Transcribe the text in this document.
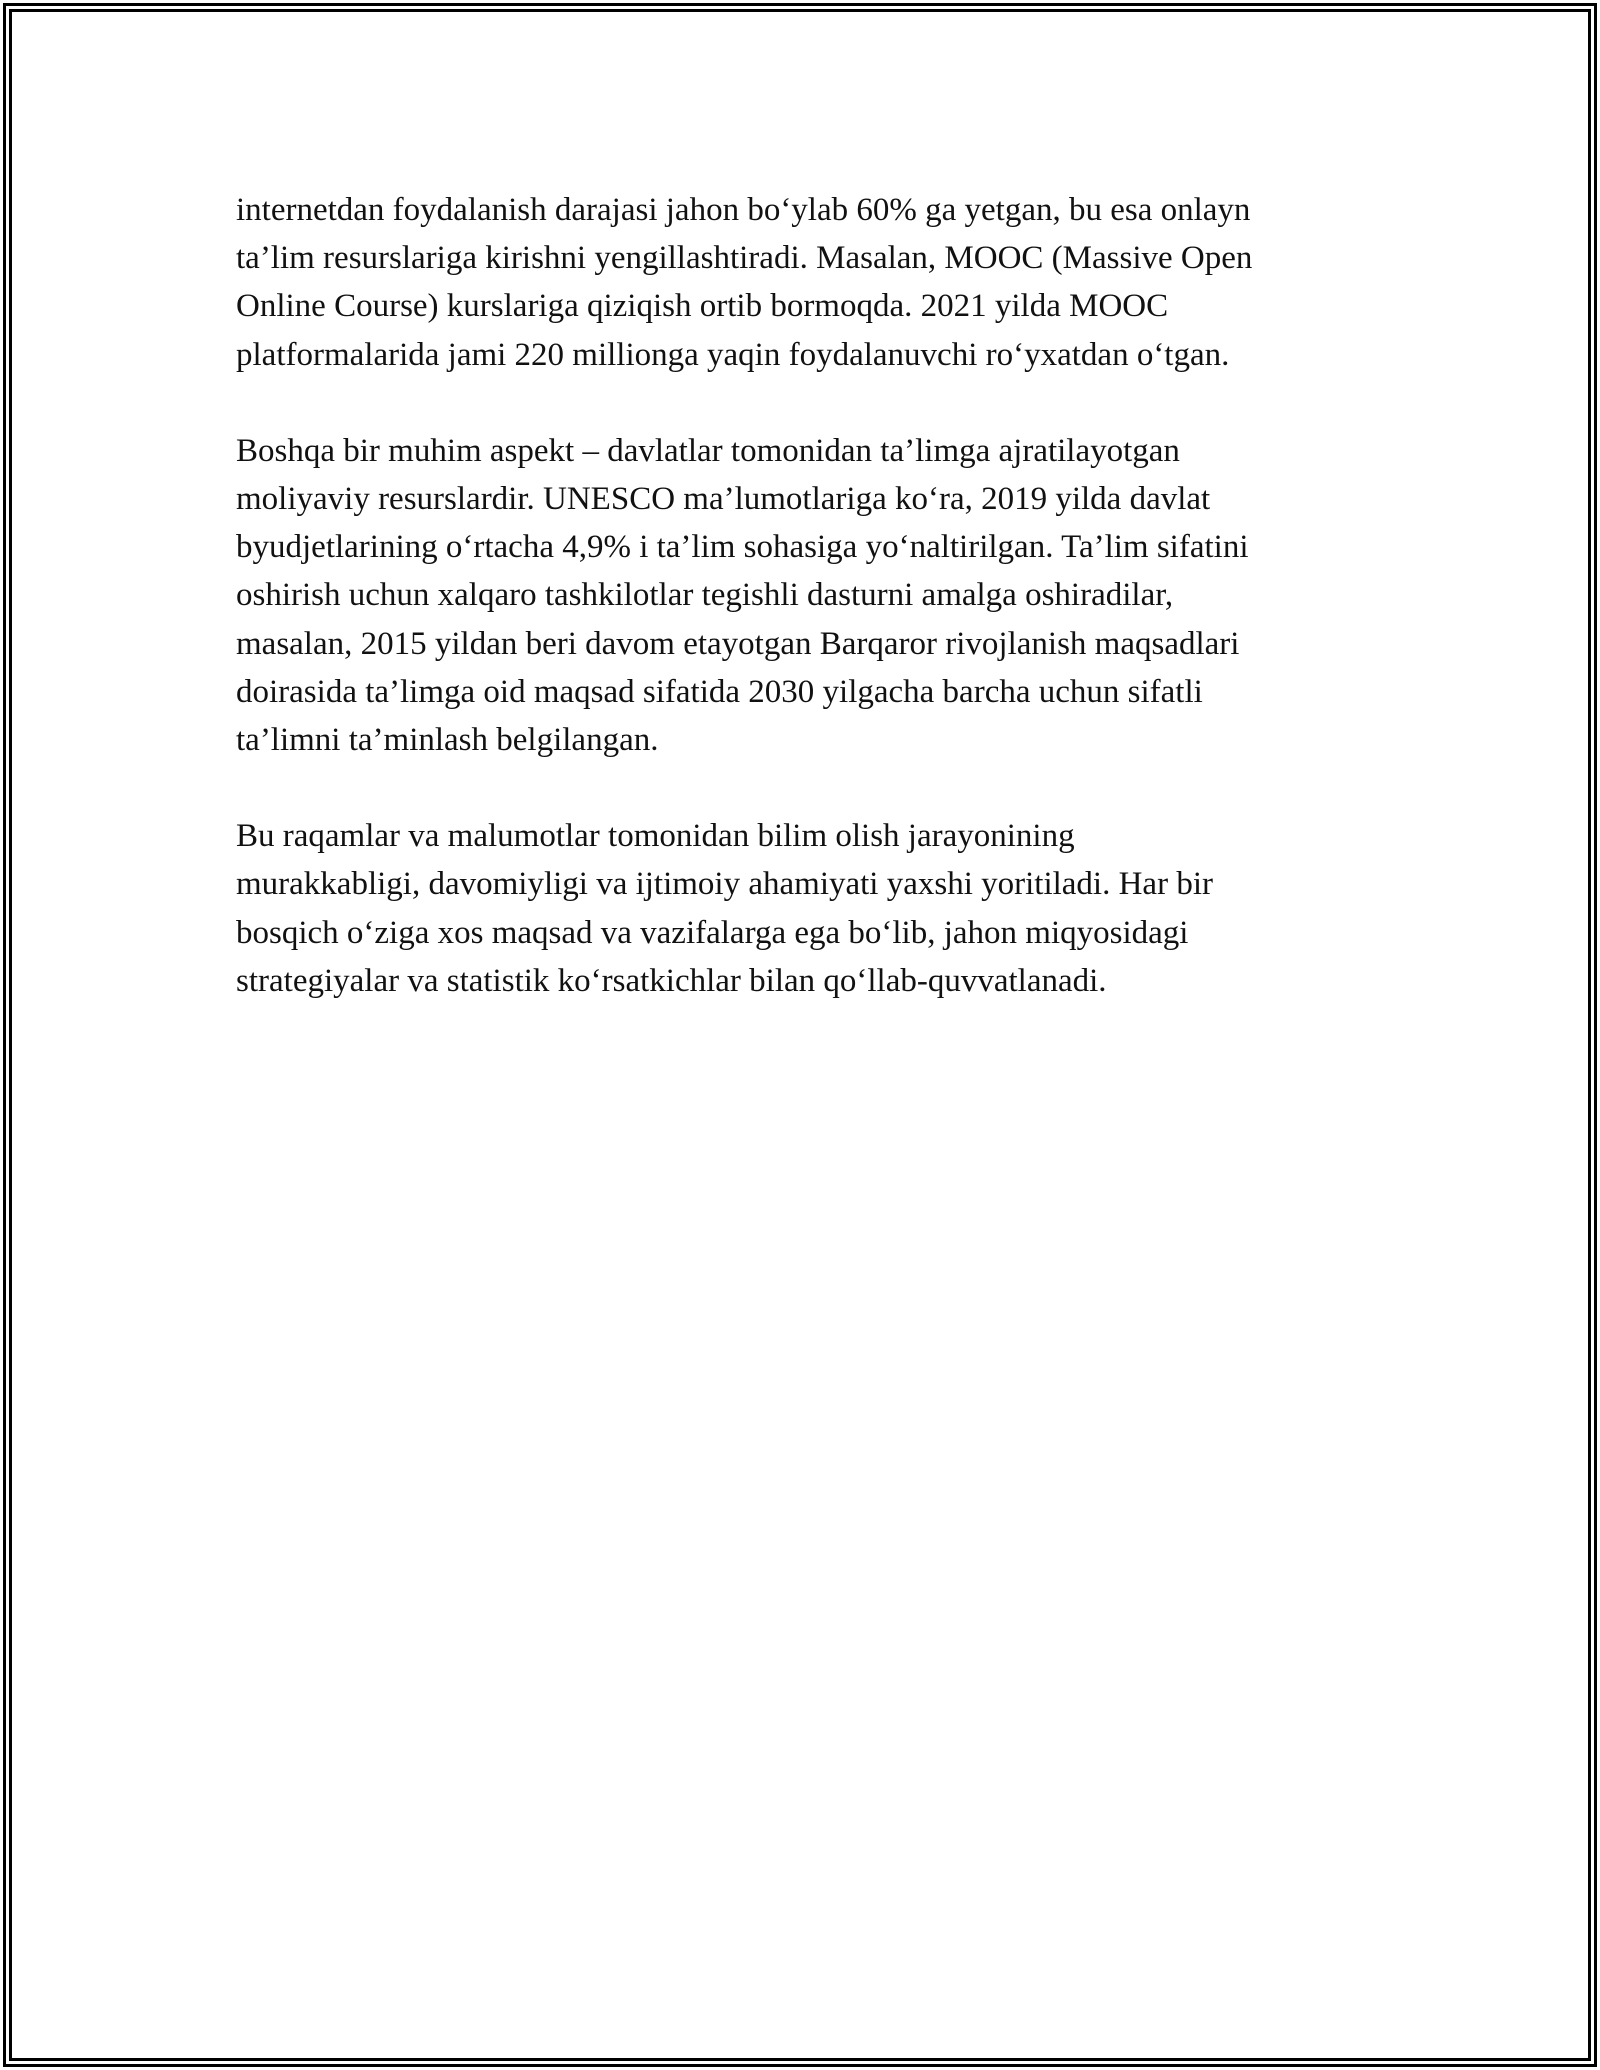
internetdan foydalanish darajasi jahon bo‘ylab 60% ga yetgan, bu esa onlayn
ta’lim resurslariga kirishni yengillashtiradi. Masalan, MOOC (Massive Open
Online Course) kurslariga qiziqish ortib bormoqda. 2021 yilda MOOC
platformalarida jami 220 millionga yaqin foydalanuvchi ro‘yxatdan o‘tgan.

Boshqa bir muhim aspekt – davlatlar tomonidan ta’limga ajratilayotgan
moliyaviy resurslardir. UNESCO ma’lumotlariga ko‘ra, 2019 yilda davlat
byudjetlarining o‘rtacha 4,9% i ta’lim sohasiga yo‘naltirilgan. Ta’lim sifatini
oshirish uchun xalqaro tashkilotlar tegishli dasturni amalga oshiradilar,
masalan, 2015 yildan beri davom etayotgan Barqaror rivojlanish maqsadlari
doirasida ta’limga oid maqsad sifatida 2030 yilgacha barcha uchun sifatli
ta’limni ta’minlash belgilangan.

Bu raqamlar va malumotlar tomonidan bilim olish jarayonining
murakkabligi, davomiyligi va ijtimoiy ahamiyati yaxshi yoritiladi. Har bir
bosqich o‘ziga xos maqsad va vazifalarga ega bo‘lib, jahon miqyosidagi
strategiyalar va statistik ko‘rsatkichlar bilan qo‘llab-quvvatlanadi.
